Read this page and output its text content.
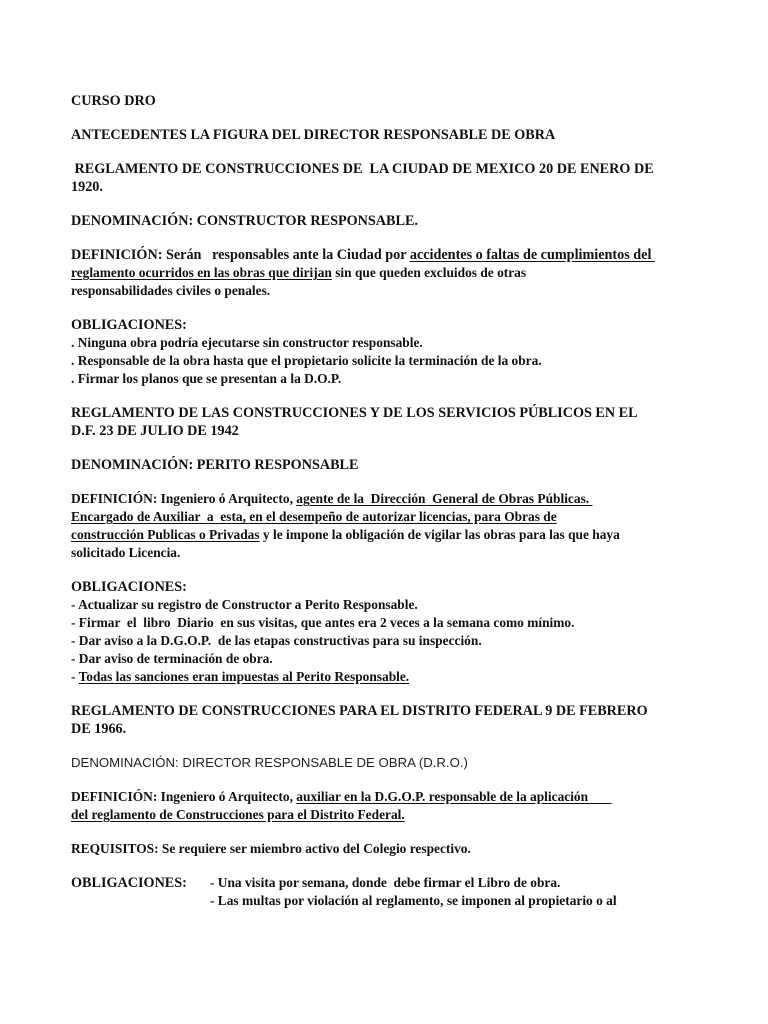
CURSO DRO
ANTECEDENTES LA FIGURA DEL DIRECTOR RESPONSABLE DE OBRA
REGLAMENTO DE CONSTRUCCIONES DE  LA CIUDAD DE MEXICO 20 DE ENERO DE
1920.
DENOMINACIÓN: CONSTRUCTOR RESPONSABLE.
DEFINICIÓN: Serán   responsables ante la Ciudad por accidentes o faltas de cumplimientos del
reglamento ocurridos en las obras que dirijan sin que queden excluidos de otras
responsabilidades civiles o penales.
OBLIGACIONES:
. Ninguna obra podría ejecutarse sin constructor responsable.
. Responsable de la obra hasta que el propietario solicite la terminación de la obra.
. Firmar los planos que se presentan a la D.O.P.
REGLAMENTO DE LAS CONSTRUCCIONES Y DE LOS SERVICIOS PÚBLICOS EN EL
D.F. 23 DE JULIO DE 1942
DENOMINACIÓN: PERITO RESPONSABLE
DEFINICIÓN: Ingeniero ó Arquitecto, agente de la  Dirección  General de Obras Públicas.
Encargado de Auxiliar  a  esta, en el desempeño de autorizar licencias, para Obras de
construcción Publicas o Privadas y le impone la obligación de vigilar las obras para las que haya
solicitado Licencia.
OBLIGACIONES:
- Actualizar su registro de Constructor a Perito Responsable.
- Firmar  el  libro  Diario  en sus visitas, que antes era 2 veces a la semana como mínimo.
- Dar aviso a la D.G.O.P.  de las etapas constructivas para su inspección.
- Dar aviso de terminación de obra.
- Todas las sanciones eran impuestas al Perito Responsable.
REGLAMENTO DE CONSTRUCCIONES PARA EL DISTRITO FEDERAL 9 DE FEBRERO
DE 1966.
DENOMINACIÓN: DIRECTOR RESPONSABLE DE OBRA (D.R.O.)
DEFINICIÓN: Ingeniero ó Arquitecto, auxiliar en la D.G.O.P. responsable de la aplicación
del reglamento de Construcciones para el Distrito Federal.
REQUISITOS: Se requiere ser miembro activo del Colegio respectivo.
OBLIGACIONES:	- Una visita por semana, donde  debe firmar el Libro de obra.
- Las multas por violación al reglamento, se imponen al propietario o al
